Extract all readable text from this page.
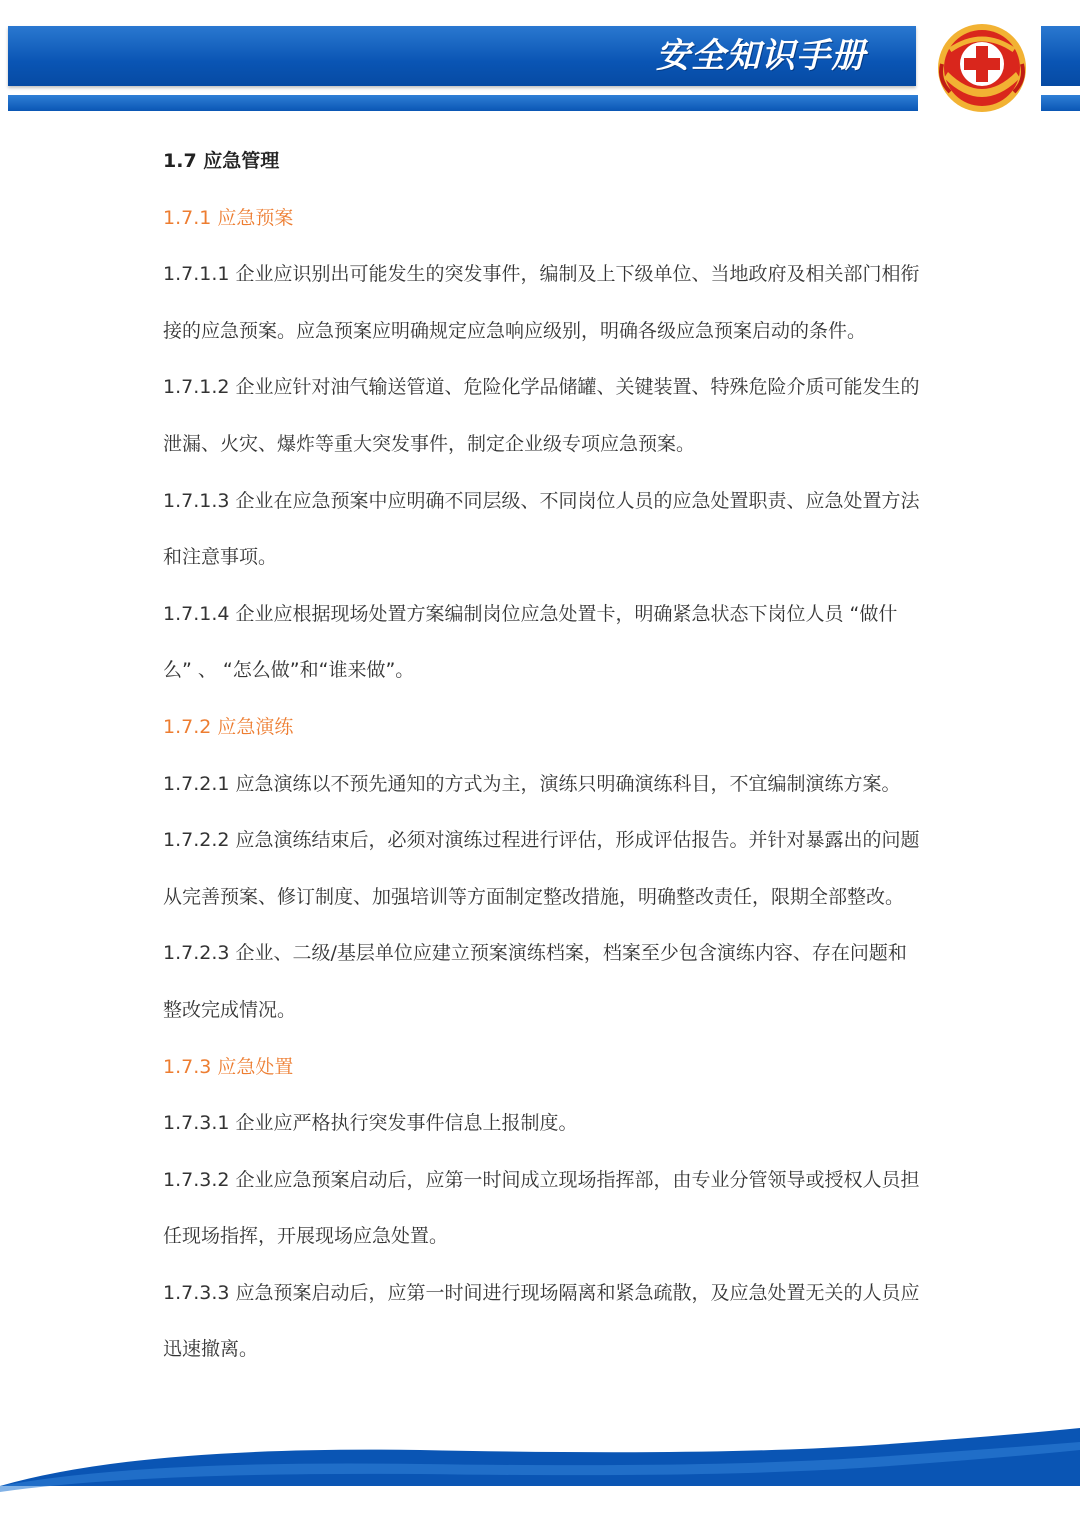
安全知识手册
1.7 应急管理
1.7.1 应急预案
1.7.1.1 企业应识别出可能发生的突发事件，编制及上下级单位、当地政府及相关部门相衔
接的应急预案。应急预案应明确规定应急响应级别，明确各级应急预案启动的条件。
1.7.1.2 企业应针对油气输送管道、危险化学品储罐、关键装置、特殊危险介质可能发生的
泄漏、火灾、爆炸等重大突发事件，制定企业级专项应急预案。
1.7.1.3 企业在应急预案中应明确不同层级、不同岗位人员的应急处置职责、应急处置方法
和注意事项。
1.7.1.4 企业应根据现场处置方案编制岗位应急处置卡，明确紧急状态下岗位人员 “做什
么” 、 “怎么做”和“谁来做”。
1.7.2 应急演练
1.7.2.1 应急演练以不预先通知的方式为主，演练只明确演练科目，不宜编制演练方案。
1.7.2.2 应急演练结束后，必须对演练过程进行评估，形成评估报告。并针对暴露出的问题
从完善预案、修订制度、加强培训等方面制定整改措施，明确整改责任，限期全部整改。
1.7.2.3 企业、二级/基层单位应建立预案演练档案，档案至少包含演练内容、存在问题和
整改完成情况。
1.7.3 应急处置
1.7.3.1 企业应严格执行突发事件信息上报制度。
1.7.3.2 企业应急预案启动后，应第一时间成立现场指挥部，由专业分管领导或授权人员担
任现场指挥，开展现场应急处置。
1.7.3.3 应急预案启动后，应第一时间进行现场隔离和紧急疏散，及应急处置无关的人员应
迅速撤离。
